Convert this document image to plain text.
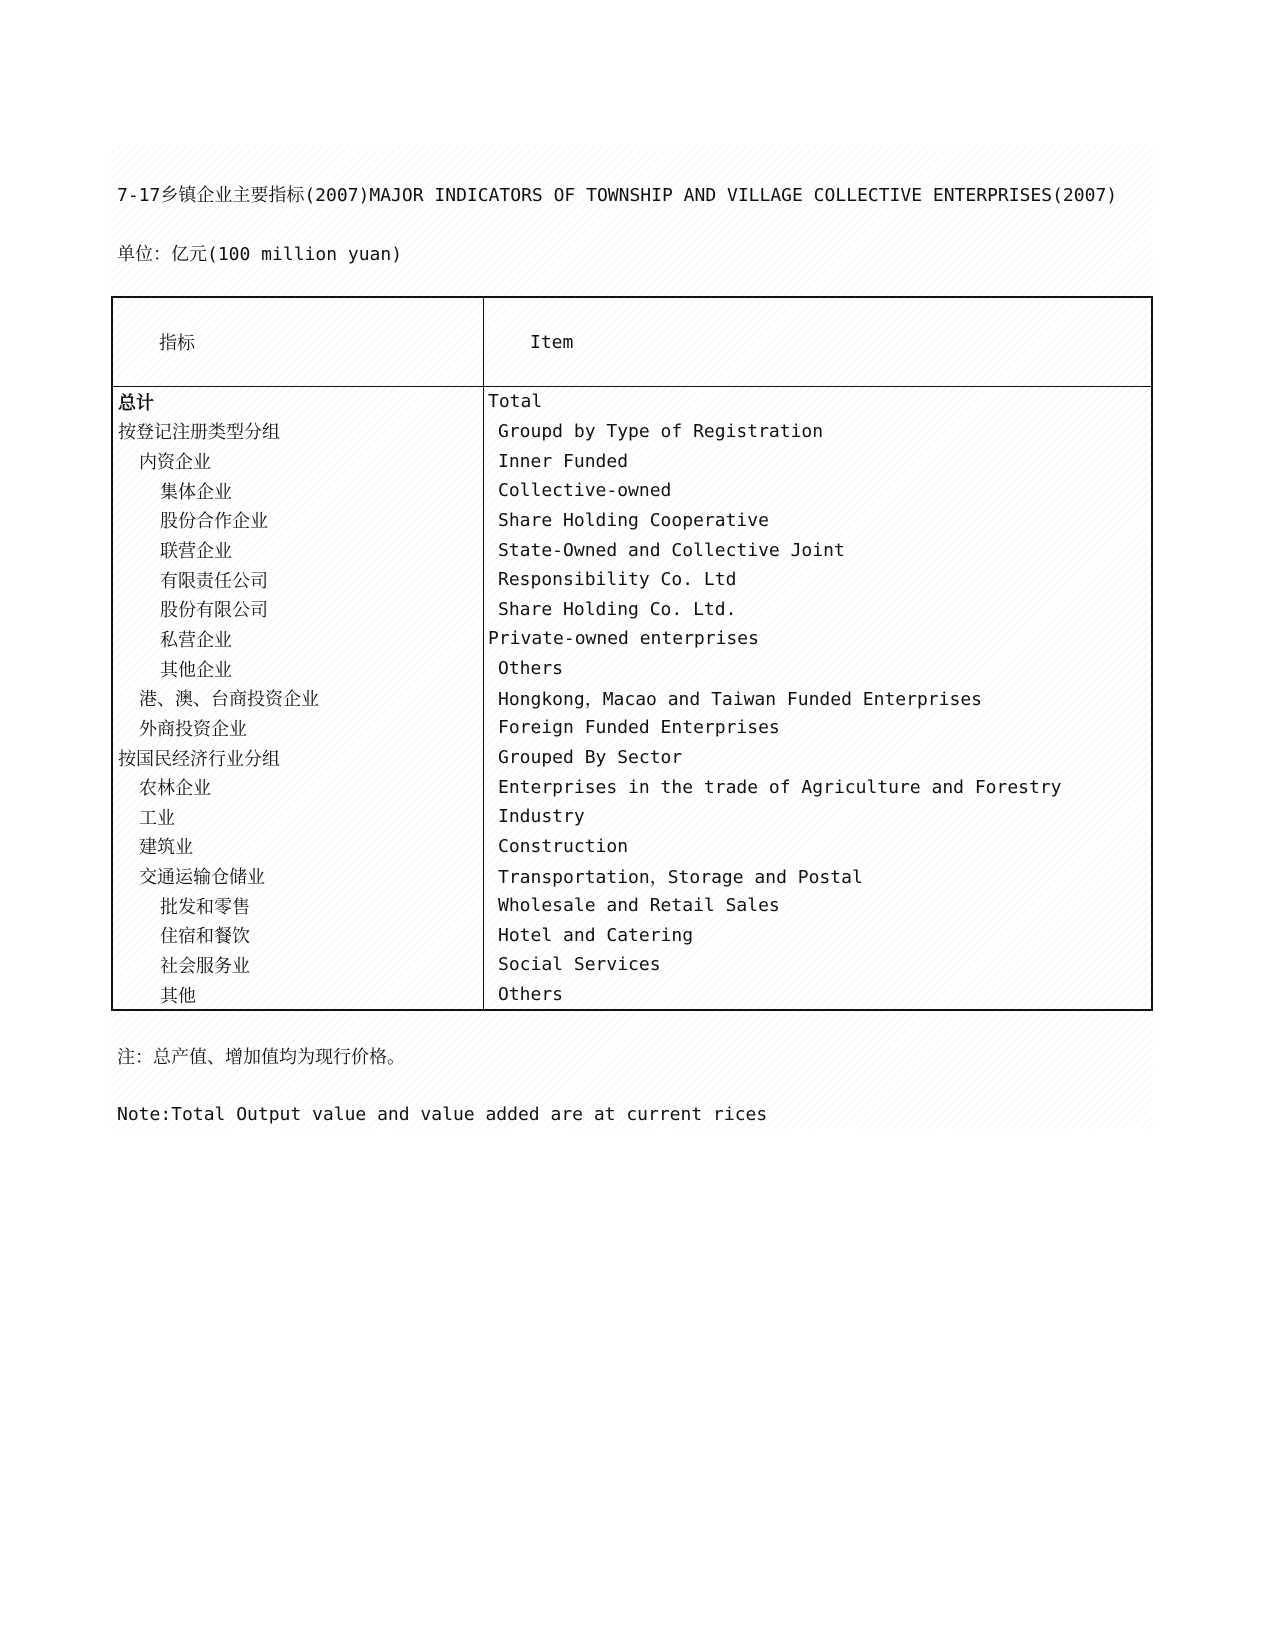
7-17乡镇企业主要指标(2007)MAJOR INDICATORS OF TOWNSHIP AND VILLAGE COLLECTIVE ENTERPRISES(2007)
单位：亿元(100 million yuan)
指标	Item
总计	Total
按登记注册类型分组	Groupd by Type of Registration
内资企业	Inner Funded
集体企业	Collective-owned
股份合作企业	Share Holding Cooperative
联营企业	State-Owned and Collective Joint
有限责任公司	Responsibility Co. Ltd
股份有限公司	Share Holding Co. Ltd.
私营企业	Private-owned enterprises
其他企业	Others
港、澳、台商投资企业	Hongkong，Macao and Taiwan Funded Enterprises
外商投资企业	Foreign Funded Enterprises
按国民经济行业分组	Grouped By Sector
农林企业	Enterprises in the trade of Agriculture and Forestry
工业	Industry
建筑业	Construction
交通运输仓储业	Transportation，Storage and Postal
批发和零售	Wholesale and Retail Sales
住宿和餐饮	Hotel and Catering
社会服务业	Social Services
其他	Others
注：总产值、增加值均为现行价格。
Note:Total Output value and value added are at current rices
